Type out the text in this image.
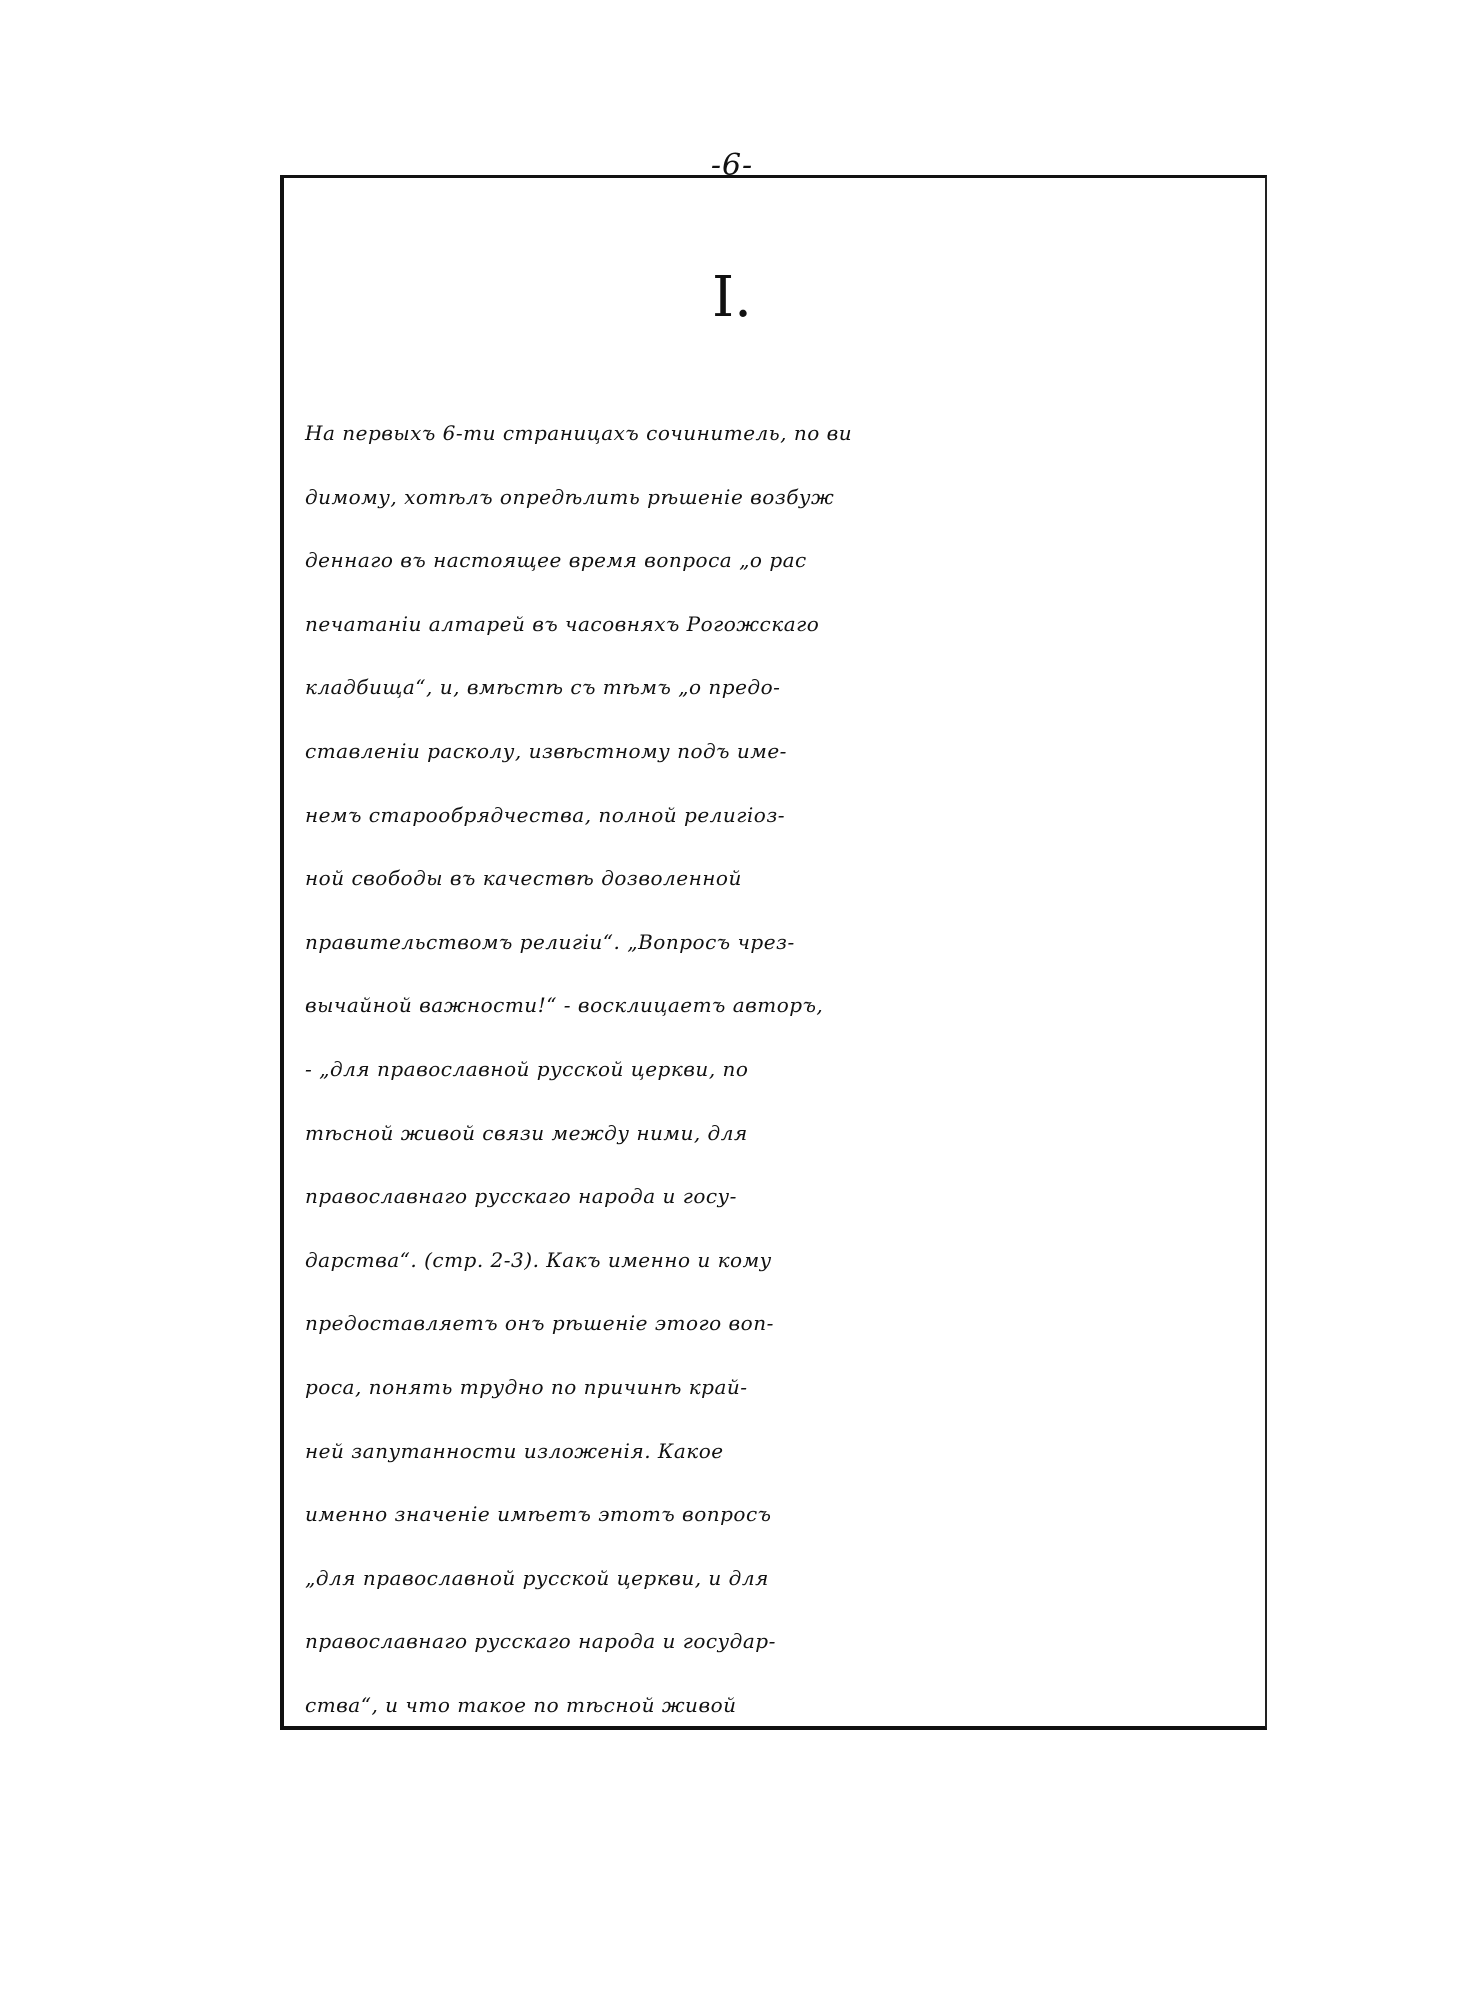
-6-
I.
На первыхъ 6-ти страницахъ сочинитель, по ви
димому, хотѣлъ опредѣлить рѣшеніе возбуж
деннаго въ настоящее время вопроса „о рас
печатаніи алтарей въ часовняхъ Рогожскаго
кладбища“, и, вмѣстѣ съ тѣмъ „о предо-
ставленіи расколу, извѣстному подъ име-
немъ старообрядчества, полной религіоз-
ной свободы въ качествѣ дозволенной
правительствомъ религіи“. „Вопросъ чрез-
вычайной важности!“ - восклицаетъ авторъ,
- „для православной русской церкви, по
тѣсной живой связи между ними, для
православнаго русскаго народа и госу-
дарства“. (стр. 2-3). Какъ именно и кому
предоставляетъ онъ рѣшеніе этого воп-
роса, понять трудно по причинѣ край-
ней запутанности изложенія. Какое
именно значеніе имѣетъ этотъ вопросъ
„для православной русской церкви, и для
православнаго русскаго народа и государ-
ства“, и что такое по тѣсной живой
